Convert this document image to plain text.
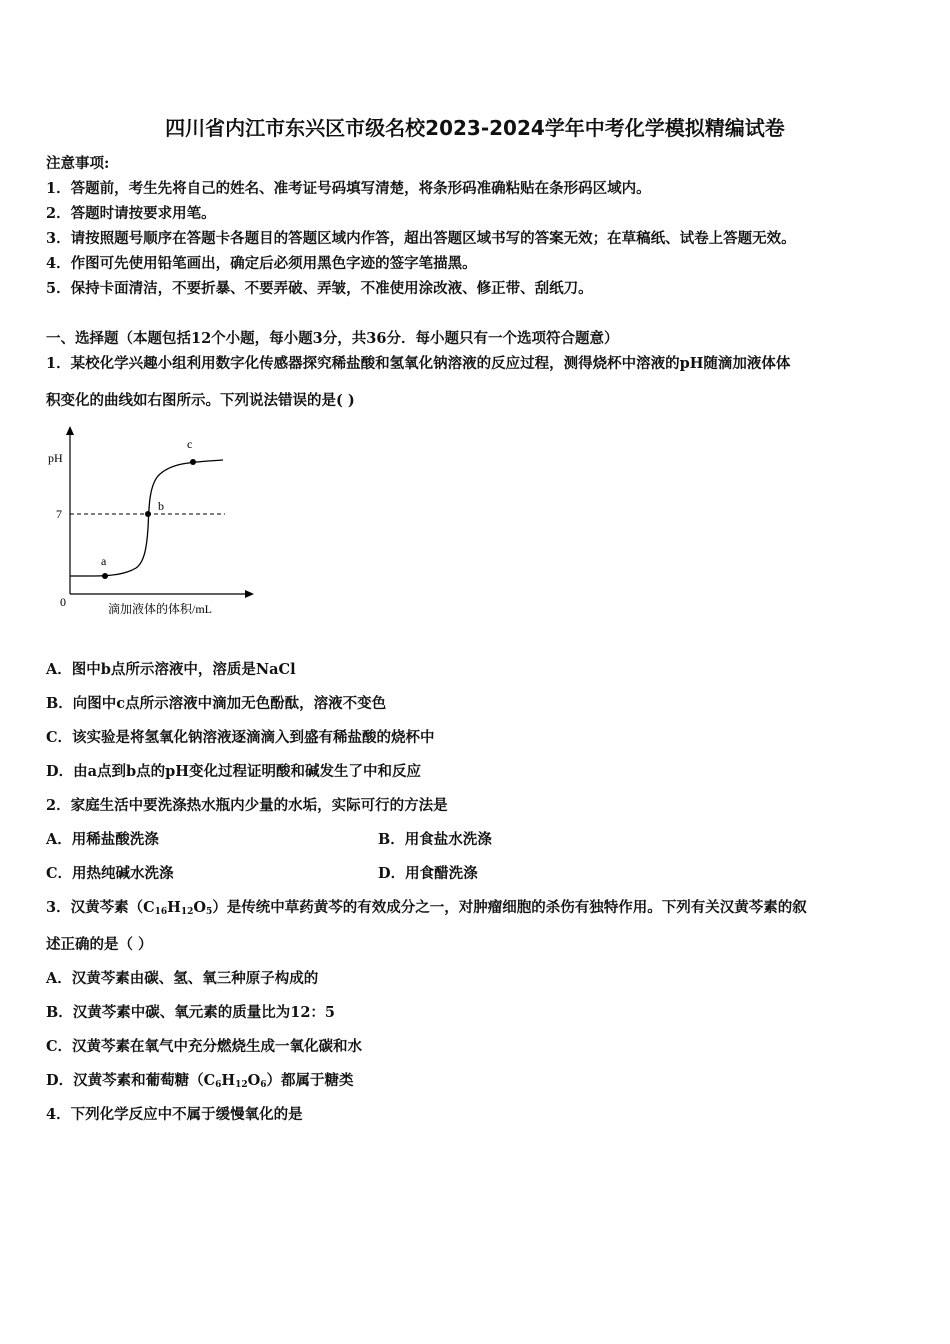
四川省内江市东兴区市级名校2023-2024学年中考化学模拟精编试卷
注意事项:
1．答题前，考生先将自己的姓名、准考证号码填写清楚，将条形码准确粘贴在条形码区域内。
2．答题时请按要求用笔。
3．请按照题号顺序在答题卡各题目的答题区域内作答，超出答题区域书写的答案无效；在草稿纸、试卷上答题无效。
4．作图可先使用铅笔画出，确定后必须用黑色字迹的签字笔描黑。
5．保持卡面清洁，不要折暴、不要弄破、弄皱，不准使用涂改液、修正带、刮纸刀。
一、选择题（本题包括12个小题，每小题3分，共36分．每小题只有一个选项符合题意）
1．某校化学兴趣小组利用数字化传感器探究稀盐酸和氢氧化钠溶液的反应过程，测得烧杯中溶液的pH随滴加液体体
积变化的曲线如右图所示。下列说法错误的是( )
pH
7
0
a
b
c
滴加液体的体积/mL
A．图中b点所示溶液中，溶质是NaCl
B．向图中c点所示溶液中滴加无色酚酞，溶液不变色
C．该实验是将氢氧化钠溶液逐滴滴入到盛有稀盐酸的烧杯中
D．由a点到b点的pH变化过程证明酸和碱发生了中和反应
2．家庭生活中要洗涤热水瓶内少量的水垢，实际可行的方法是
A．用稀盐酸洗涤	B．用食盐水洗涤
C．用热纯碱水洗涤	D．用食醋洗涤
3．汉黄芩素$(C_{16}H_{12}O_5)$是传统中草药黄芩的有效成分之一，对肿瘤细胞的杀伤有独特作用。下列有关汉黄芩素的叙
述正确的是（ ）
A．汉黄芩素由碳、氢、氧三种原子构成的
B．汉黄芩素中碳、氧元素的质量比为12：5
C．汉黄芩素在氧气中充分燃烧生成一氧化碳和水
D．汉黄芩素和葡萄糖$(C_6H_{12}O_6)$都属于糖类
4．下列化学反应中不属于缓慢氧化的是
